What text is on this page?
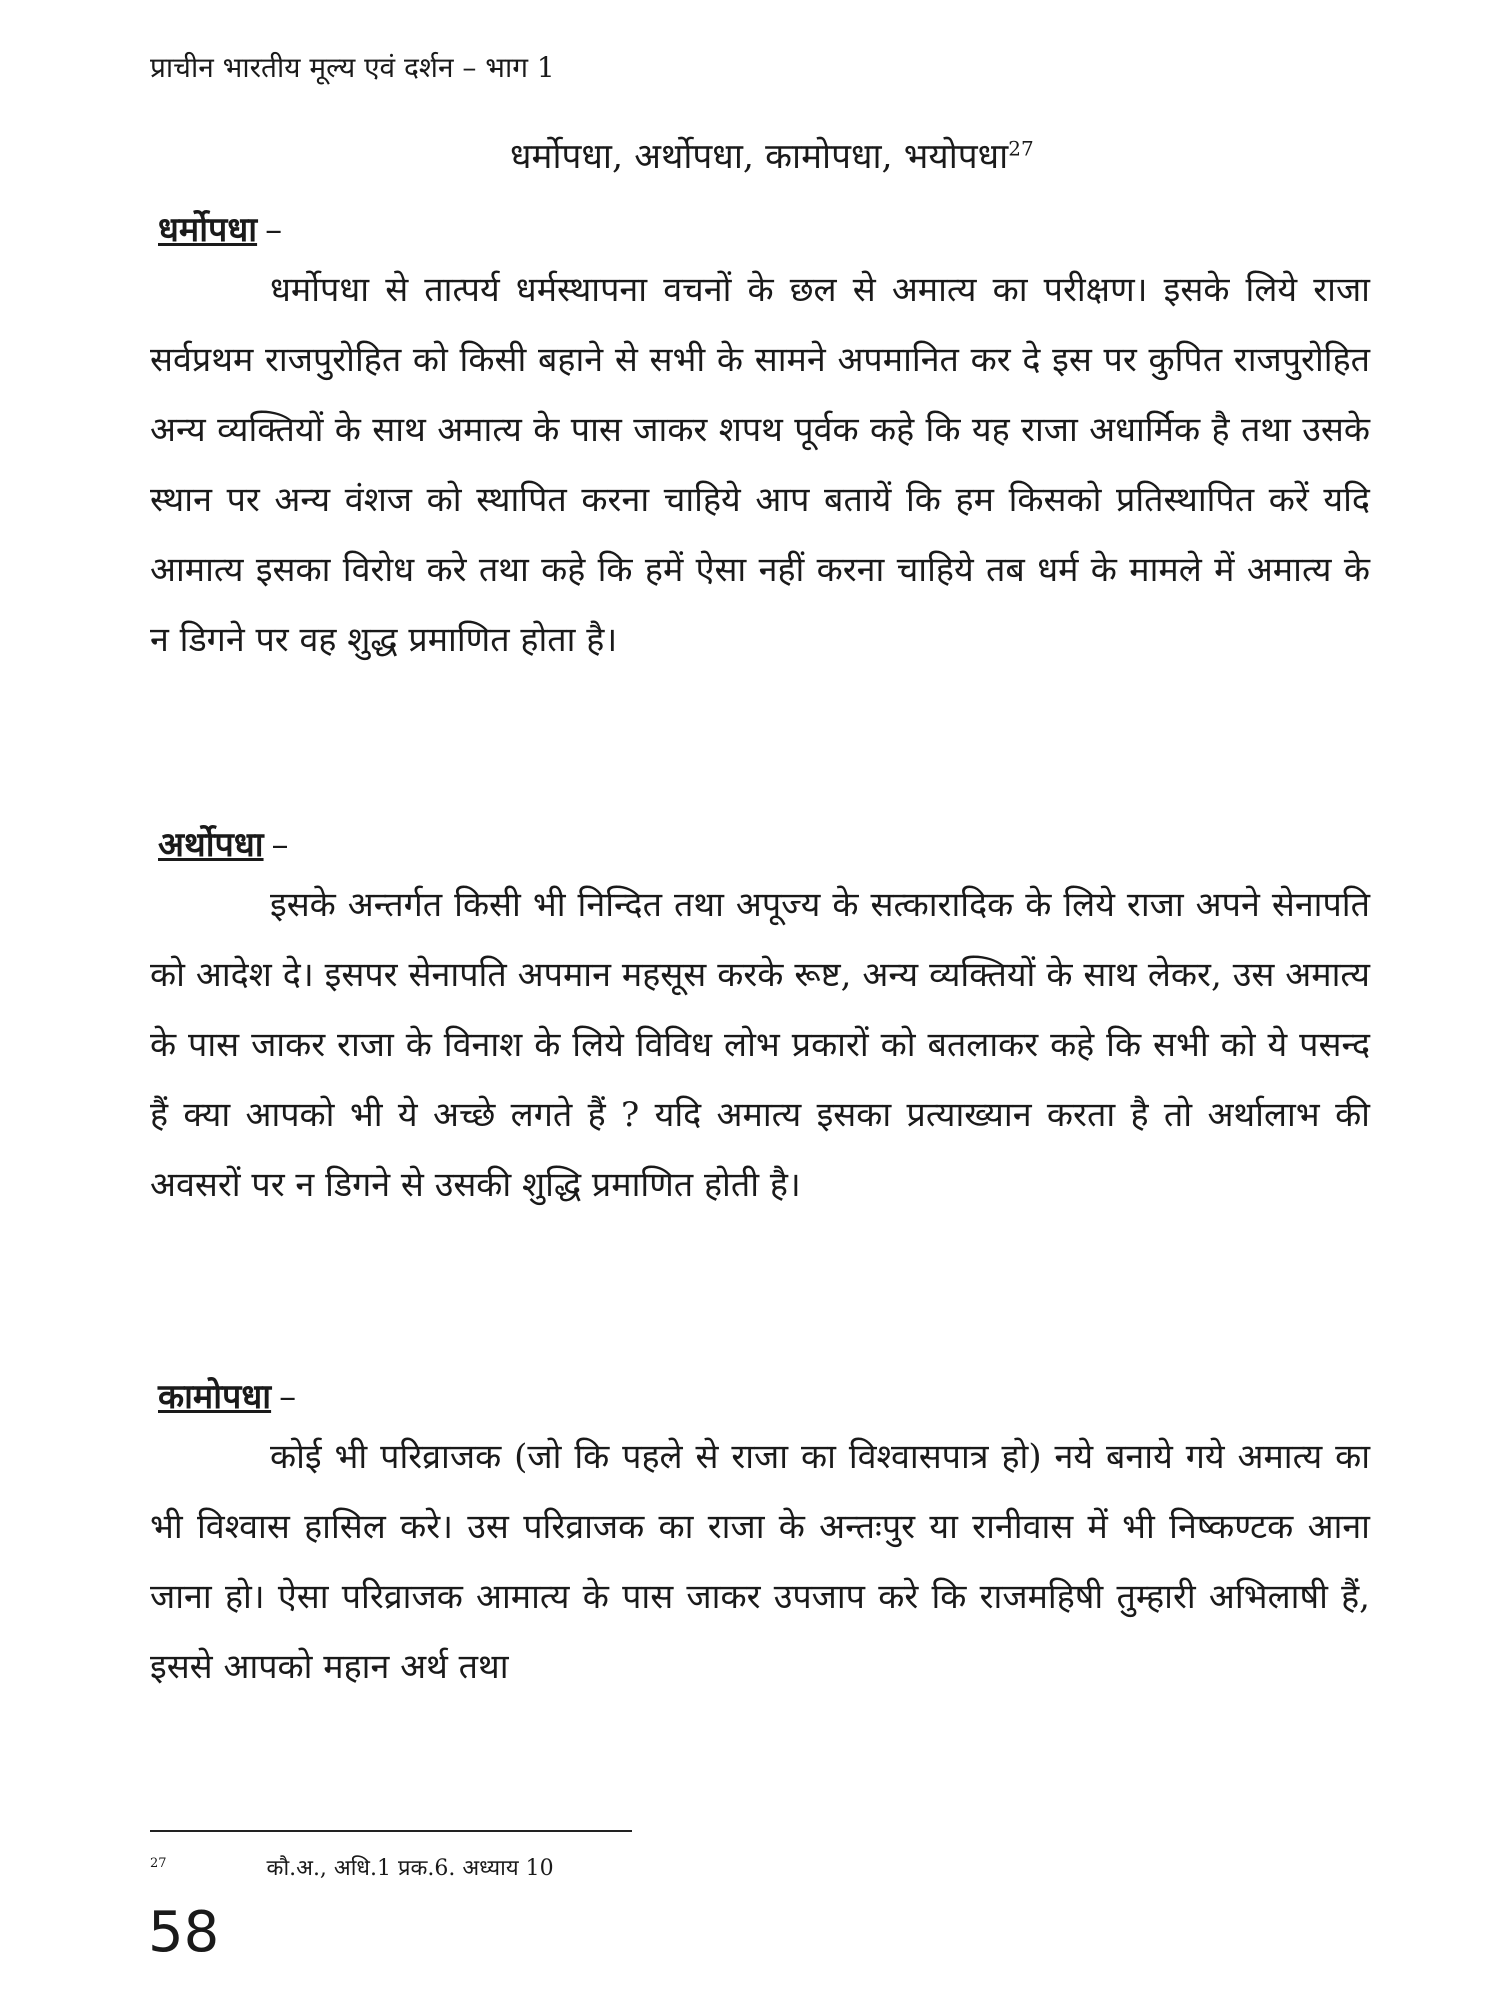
प्राचीन भारतीय मूल्य एवं दर्शन – भाग 1
धर्मोपधा, अर्थोपधा, कामोपधा, भयोपधा$^{27}$
धर्मोपधा –

धर्मोपधा से तात्पर्य धर्मस्थापना वचनों के छल से अमात्य का परीक्षण। इसके लिये राजा सर्वप्रथम राजपुरोहित को किसी बहाने से सभी के सामने अपमानित कर दे इस पर कुपित राजपुरोहित अन्य व्यक्तियों के साथ अमात्य के पास जाकर शपथ पूर्वक कहे कि यह राजा अधार्मिक है तथा उसके स्थान पर अन्य वंशज को स्थापित करना चाहिये आप बतायें कि हम किसको प्रतिस्थापित करें यदि आमात्य इसका विरोध करे तथा कहे कि हमें ऐसा नहीं करना चाहिये तब धर्म के मामले में अमात्य के न डिगने पर वह शुद्ध प्रमाणित होता है।

अर्थोपधा –

इसके अन्तर्गत किसी भी निन्दित तथा अपूज्य के सत्कारादिक के लिये राजा अपने सेनापति को आदेश दे। इसपर सेनापति अपमान महसूस करके रूष्ट, अन्य व्यक्तियों के साथ लेकर, उस अमात्य के पास जाकर राजा के विनाश के लिये विविध लोभ प्रकारों को बतलाकर कहे कि सभी को ये पसन्द हैं क्या आपको भी ये अच्छे लगते हैं ? यदि अमात्य इसका प्रत्याख्यान करता है तो अर्थालाभ की अवसरों पर न डिगने से उसकी शुद्धि प्रमाणित होती है।

कामोपधा –

कोई भी परिव्राजक (जो कि पहले से राजा का विश्वासपात्र हो) नये बनाये गये अमात्य का भी विश्वास हासिल करे। उस परिव्राजक का राजा के अन्तःपुर या रानीवास में भी निष्कण्टक आना जाना हो। ऐसा परिव्राजक आमात्य के पास जाकर उपजाप करे कि राजमहिषी तुम्हारी अभिलाषी हैं, इससे आपको महान अर्थ तथा

$^{27}$	कौ.अ., अधि.1 प्रक.6. अध्याय 10
58
